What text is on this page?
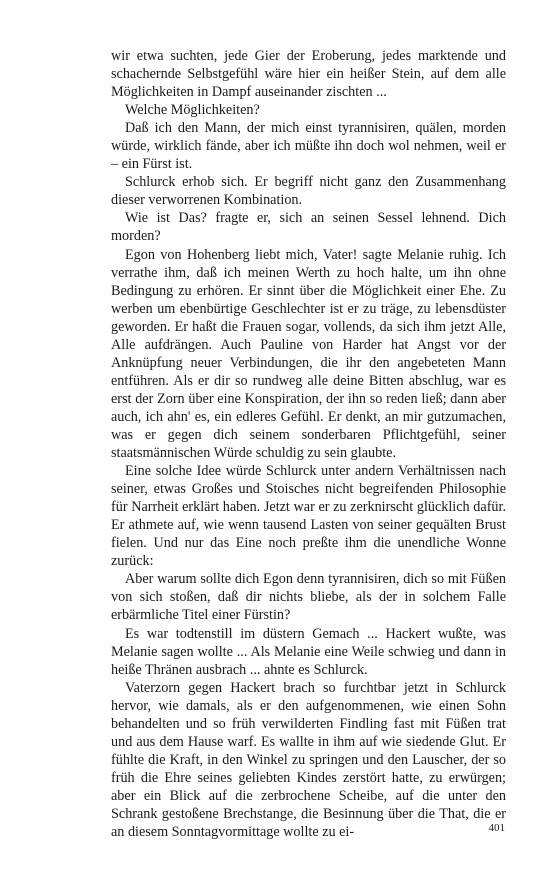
wir etwa suchten, jede Gier der Eroberung, jedes marktende und schachernde Selbstgefühl wäre hier ein heißer Stein, auf dem alle Möglichkeiten in Dampf auseinander zischten ...

Welche Möglichkeiten?

Daß ich den Mann, der mich einst tyrannisiren, quälen, morden würde, wirklich fände, aber ich müßte ihn doch wol nehmen, weil er – ein Fürst ist.

Schlurck erhob sich. Er begriff nicht ganz den Zusammenhang dieser verworrenen Kombination.

Wie ist Das? fragte er, sich an seinen Sessel lehnend. Dich morden?

Egon von Hohenberg liebt mich, Vater! sagte Melanie ruhig. Ich verrathe ihm, daß ich meinen Werth zu hoch halte, um ihn ohne Bedingung zu erhören. Er sinnt über die Möglichkeit einer Ehe. Zu werben um ebenbürtige Geschlechter ist er zu träge, zu lebensdüster geworden. Er haßt die Frauen sogar, vollends, da sich ihm jetzt Alle, Alle aufdrängen. Auch Pauline von Harder hat Angst vor der Anknüpfung neuer Verbindungen, die ihr den angebeteten Mann entführen. Als er dir so rundweg alle deine Bitten abschlug, war es erst der Zorn über eine Konspiration, der ihn so reden ließ; dann aber auch, ich ahn' es, ein edleres Gefühl. Er denkt, an mir gutzumachen, was er gegen dich seinem sonderbaren Pflichtgefühl, seiner staatsmännischen Würde schuldig zu sein glaubte.

Eine solche Idee würde Schlurck unter andern Verhältnissen nach seiner, etwas Großes und Stoisches nicht begreifenden Philosophie für Narrheit erklärt haben. Jetzt war er zu zerknirscht glücklich dafür. Er athmete auf, wie wenn tausend Lasten von seiner gequälten Brust fielen. Und nur das Eine noch preßte ihm die unendliche Wonne zurück:

Aber warum sollte dich Egon denn tyrannisiren, dich so mit Füßen von sich stoßen, daß dir nichts bliebe, als der in solchem Falle erbärmliche Titel einer Fürstin?

Es war todtenstill im düstern Gemach ... Hackert wußte, was Melanie sagen wollte ... Als Melanie eine Weile schwieg und dann in heiße Thränen ausbrach ... ahnte es Schlurck.

Vaterzorn gegen Hackert brach so furchtbar jetzt in Schlurck hervor, wie damals, als er den aufgenommenen, wie einen Sohn behandelten und so früh verwilderten Findling fast mit Füßen trat und aus dem Hause warf. Es wallte in ihm auf wie siedende Glut. Er fühlte die Kraft, in den Winkel zu springen und den Lauscher, der so früh die Ehre seines geliebten Kindes zerstört hatte, zu erwürgen; aber ein Blick auf die zerbrochene Scheibe, auf die unter den Schrank gestoßene Brechstange, die Besinnung über die That, die er an diesem Sonntagvormittage wollte zu ei-	401
